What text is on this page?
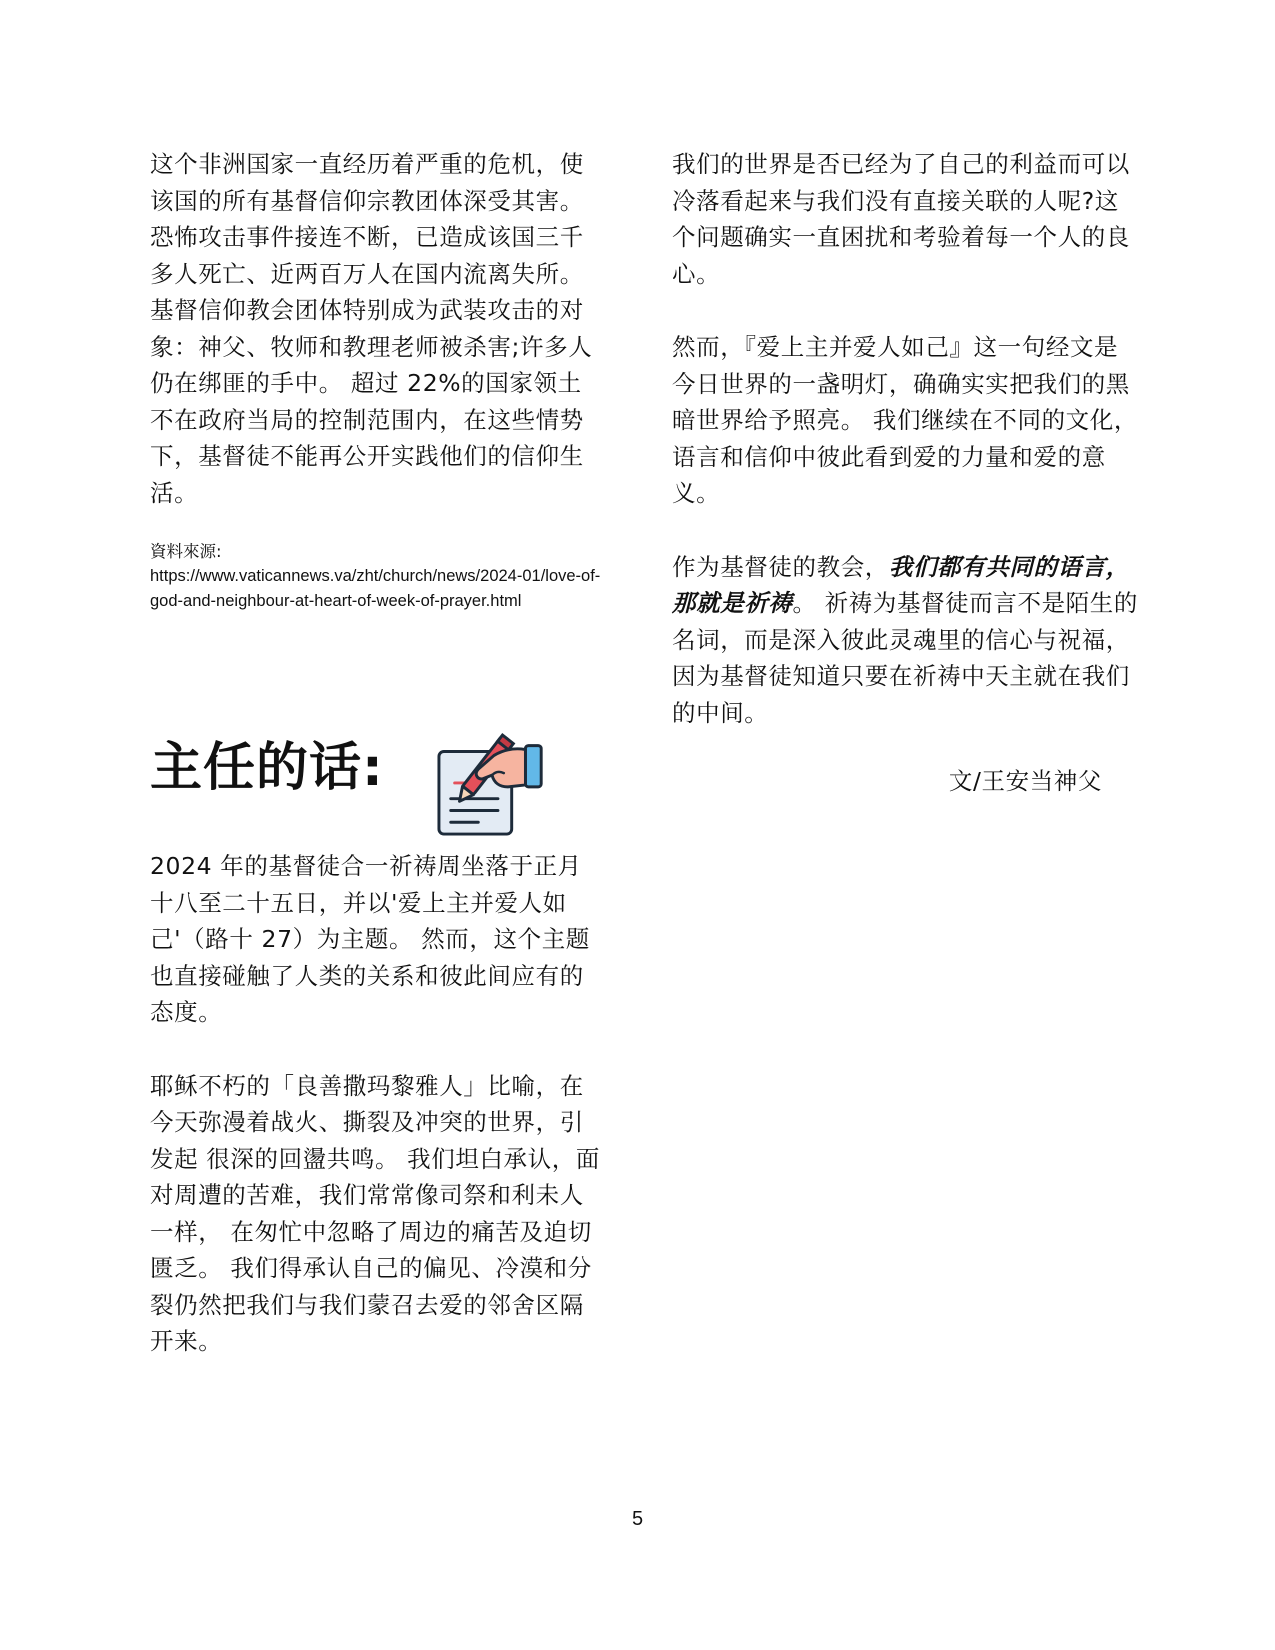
这个非洲国家一直经历着严重的危机，使该国的所有基督信仰宗教团体深受其害。恐怖攻击事件接连不断，已造成该国三千多人死亡、近两百万人在国内流离失所。基督信仰教会团体特别成为武装攻击的对象：神父、牧师和教理老师被杀害;许多人仍在绑匪的手中。 超过 22%的国家领土不在政府当局的控制范围内，在这些情势下，基督徒不能再公开实践他们的信仰生活。

資料來源:
https://www.vaticannews.va/zht/church/news/2024-01/love-of-god-and-neighbour-at-heart-of-week-of-prayer.html
主任的话:

2024 年的基督徒合一祈祷周坐落于正月十八至二十五日，并以'爱上主并爱人如己'（路十 27）为主题。 然而，这个主题也直接碰触了人类的关系和彼此间应有的态度。

耶稣不朽的「良善撒玛黎雅人」比喻，在今天弥漫着战火、撕裂及冲突的世界，引发起 很深的回盪共鸣。 我们坦白承认，面对周遭的苦难，我们常常像司祭和利未人一样， 在匆忙中忽略了周边的痛苦及迫切匮乏。 我们得承认自己的偏见、冷漠和分裂仍然把我们与我们蒙召去爱的邻舍区隔开来。

我们的世界是否已经为了自己的利益而可以冷落看起来与我们没有直接关联的人呢?这个问题确实一直困扰和考验着每一个人的良心。

然而，『爱上主并爱人如己』这一句经文是今日世界的一盏明灯，确确实实把我们的黑暗世界给予照亮。 我们继续在不同的文化，语言和信仰中彼此看到爱的力量和爱的意义。

作为基督徒的教会，我们都有共同的语言，那就是祈祷。 祈祷为基督徒而言不是陌生的名词，而是深入彼此灵魂里的信心与祝福，因为基督徒知道只要在祈祷中天主就在我们的中间。

文/王安当神父

5
